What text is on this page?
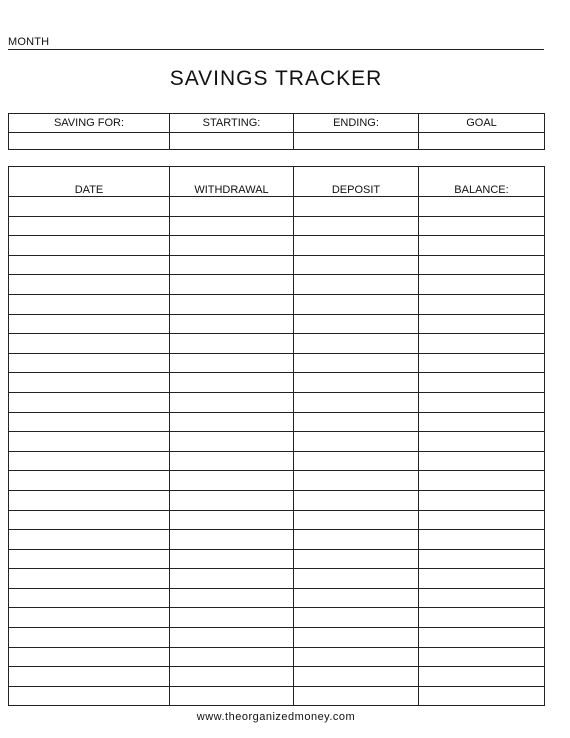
MONTH
SAVINGS TRACKER
SAVING FOR:	STARTING:	ENDING:	GOAL

DATE	WITHDRAWAL	DEPOSIT	BALANCE:

www.theorganizedmoney.com
